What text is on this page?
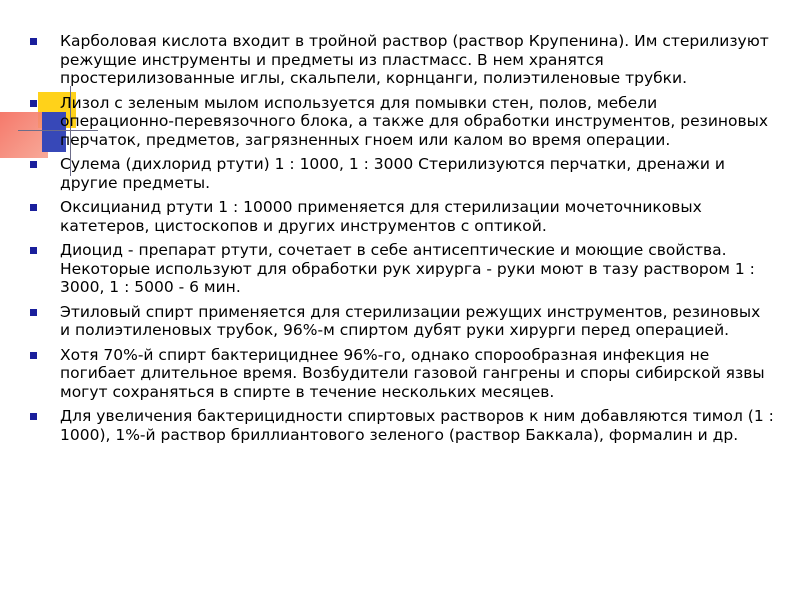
Карболовая кислота входит в тройной раствор (раствор Крупенина). Им стерилизуют режущие инструменты и предметы из пластмасс. В нем хранятся простерилизованные иглы, скальпели, корнцанги, полиэтиленовые трубки.
Лизол с зеленым мылом используется для помывки стен, полов, мебели операционно-перевязочного блока, а также для обработки инструментов, резиновых перчаток, предметов, загрязненных гноем или калом во время операции.
Сулема (дихлорид ртути) 1 : 1000, 1 : 3000 Стерилизуются перчатки, дренажи и другие предметы.
Оксицианид ртути 1 : 10000 применяется для стерилизации мочеточниковых катетеров, цистоскопов и других инструментов с оптикой.
Диоцид - препарат ртути, сочетает в себе антисептические и моющие свойства. Некоторые используют для обработки рук хирурга - руки моют в тазу раствором 1 : 3000, 1 : 5000 - 6 мин.
Этиловый спирт применяется для стерилизации режущих инструментов, резиновых и полиэтиленовых трубок, 96%-м спиртом дубят руки хирурги перед операцией.
Хотя 70%-й спирт бактерициднее 96%-го, однако спорообразная инфекция не погибает длительное время. Возбудители газовой гангрены и споры сибирской язвы могут сохраняться в спирте в течение нескольких месяцев.
Для увеличения бактерицидности спиртовых растворов к ним добавляются тимол (1 : 1000), 1%-й раствор бриллиантового зеленого (раствор Баккала), формалин и др.
